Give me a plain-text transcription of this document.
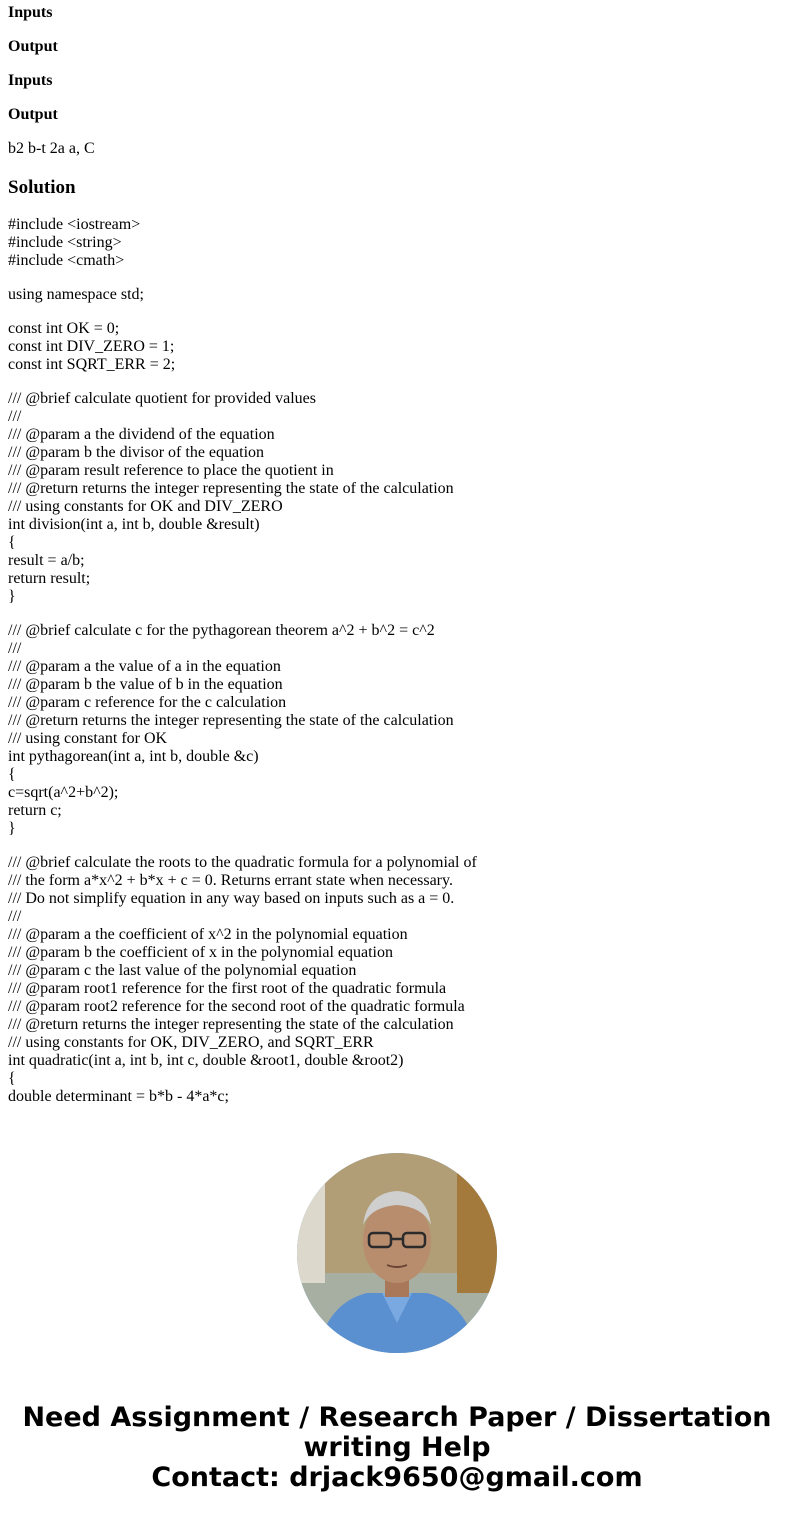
Inputs

Output

Inputs

Output

b2 b-t 2a a, C

Solution
#include <iostream>
#include <string>
#include <cmath>
using namespace std;
const int OK = 0;
const int DIV_ZERO = 1;
const int SQRT_ERR = 2;
/// @brief calculate quotient for provided values
///
/// @param a the dividend of the equation
/// @param b the divisor of the equation
/// @param result reference to place the quotient in
/// @return returns the integer representing the state of the calculation
/// using constants for OK and DIV_ZERO
int division(int a, int b, double &result)
{
result = a/b;
return result;
}
/// @brief calculate c for the pythagorean theorem a^2 + b^2 = c^2
///
/// @param a the value of a in the equation
/// @param b the value of b in the equation
/// @param c reference for the c calculation
/// @return returns the integer representing the state of the calculation
/// using constant for OK
int pythagorean(int a, int b, double &c)
{
c=sqrt(a^2+b^2);
return c;
}
/// @brief calculate the roots to the quadratic formula for a polynomial of
/// the form a*x^2 + b*x + c = 0. Returns errant state when necessary.
/// Do not simplify equation in any way based on inputs such as a = 0.
///
/// @param a the coefficient of x^2 in the polynomial equation
/// @param b the coefficient of x in the polynomial equation
/// @param c the last value of the polynomial equation
/// @param root1 reference for the first root of the quadratic formula
/// @param root2 reference for the second root of the quadratic formula
/// @return returns the integer representing the state of the calculation
/// using constants for OK, DIV_ZERO, and SQRT_ERR
int quadratic(int a, int b, int c, double &root1, double &root2)
{
double determinant = b*b - 4*a*c;
Need Assignment / Research Paper / Dissertation
writing Help
Contact: drjack9650@gmail.com
